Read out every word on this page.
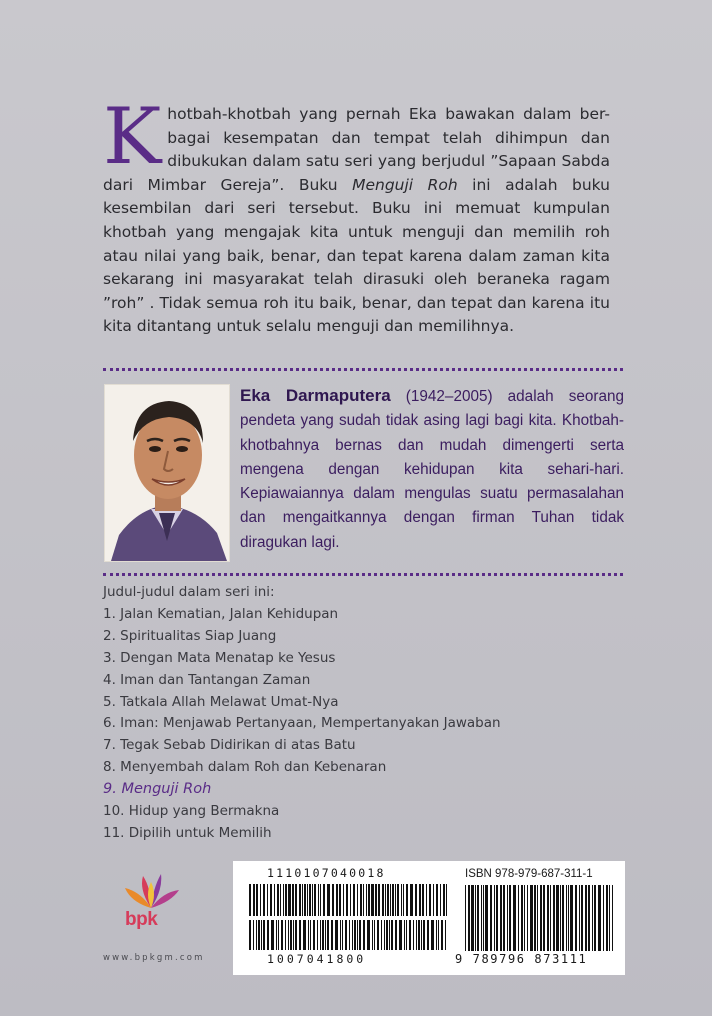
K hotbah-khotbah yang pernah Eka bawakan dalam ber- bagai kesempatan dan tempat telah dihimpun dan dibukukan dalam satu seri yang berjudul ”Sapaan Sabda dari Mimbar Gereja”. Buku Menguji Roh ini adalah buku kesembilan dari seri tersebut. Buku ini memuat kumpulan khotbah yang mengajak kita untuk menguji dan memilih roh atau nilai yang baik, benar, dan tepat karena dalam zaman kita sekarang ini masyarakat telah dirasuki oleh beraneka ragam ”roh” . Tidak semua roh itu baik, benar, dan tepat dan karena itu kita ditantang untuk selalu menguji dan memilihnya.

Eka Darmaputera (1942–2005) adalah seorang pendeta yang sudah tidak asing lagi bagi kita. Khotbah-khotbahnya bernas dan mudah dimengerti serta mengena dengan kehidupan kita sehari-hari. Kepiawaiannya dalam mengulas suatu permasalahan dan mengaitkannya dengan firman Tuhan tidak diragukan lagi.
Judul-judul dalam seri ini:
1. Jalan Kematian, Jalan Kehidupan
2. Spiritualitas Siap Juang
3. Dengan Mata Menatap ke Yesus
4. Iman dan Tantangan Zaman
5. Tatkala Allah Melawat Umat-Nya
6. Iman: Menjawab Pertanyaan, Mempertanyakan Jawaban
7. Tegak Sebab Didirikan di atas Batu
8. Menyembah dalam Roh dan Kebenaran
9. Menguji Roh
10. Hidup yang Bermakna
11. Dipilih untuk Memilih
bpk
www.bpkgm.com
1110107040018
1007041800
ISBN 978-979-687-311-1
9 789796 873111
